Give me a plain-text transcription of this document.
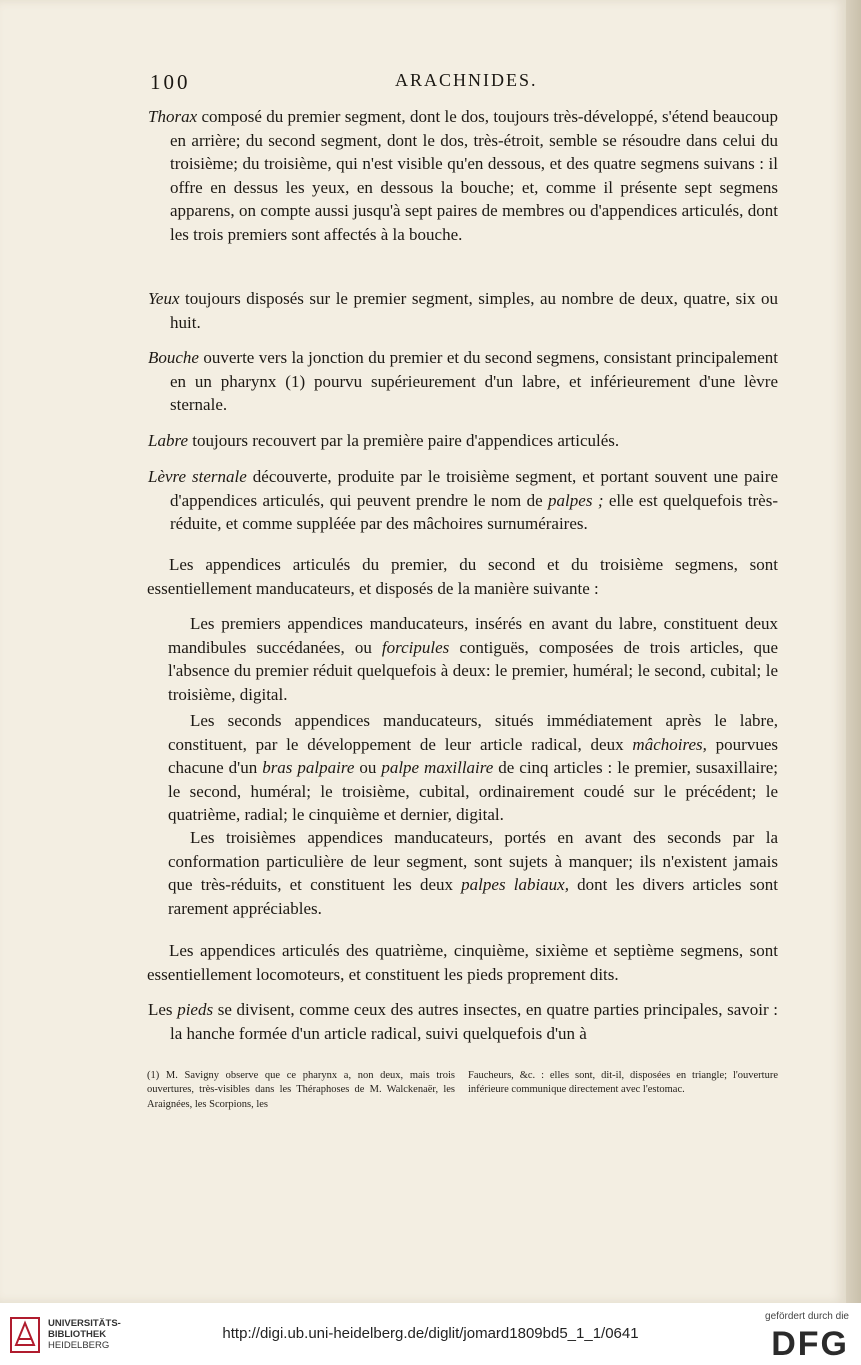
100	ARACHNIDES.
Thorax composé du premier segment, dont le dos, toujours très-développé, s'étend beaucoup en arrière; du second segment, dont le dos, très-étroit, semble se résoudre dans celui du troisième; du troisième, qui n'est visible qu'en dessous, et des quatre segmens suivans : il offre en dessus les yeux, en dessous la bouche; et, comme il présente sept segmens apparens, on compte aussi jusqu'à sept paires de membres ou d'appendices articulés, dont les trois premiers sont affectés à la bouche.
Yeux toujours disposés sur le premier segment, simples, au nombre de deux, quatre, six ou huit.
Bouche ouverte vers la jonction du premier et du second segmens, consistant principalement en un pharynx (1) pourvu supérieurement d'un labre, et inférieurement d'une lèvre sternale.
Labre toujours recouvert par la première paire d'appendices articulés.
Lèvre sternale découverte, produite par le troisième segment, et portant souvent une paire d'appendices articulés, qui peuvent prendre le nom de palpes ; elle est quelquefois très-réduite, et comme suppléée par des mâchoires surnuméraires.
Les appendices articulés du premier, du second et du troisième segmens, sont essentiellement manducateurs, et disposés de la manière suivante :
Les premiers appendices manducateurs, insérés en avant du labre, constituent deux mandibules succédanées, ou forcipules contiguës, composées de trois articles, que l'absence du premier réduit quelquefois à deux: le premier, huméral; le second, cubital; le troisième, digital.
Les seconds appendices manducateurs, situés immédiatement après le labre, constituent, par le développement de leur article radical, deux mâchoires, pourvues chacune d'un bras palpaire ou palpe maxillaire de cinq articles : le premier, susaxillaire; le second, huméral; le troisième, cubital, ordinairement coudé sur le précédent; le quatrième, radial; le cinquième et dernier, digital.
Les troisièmes appendices manducateurs, portés en avant des seconds par la conformation particulière de leur segment, sont sujets à manquer; ils n'existent jamais que très-réduits, et constituent les deux palpes labiaux, dont les divers articles sont rarement appréciables.
Les appendices articulés des quatrième, cinquième, sixième et septième segmens, sont essentiellement locomoteurs, et constituent les pieds proprement dits.
Les pieds se divisent, comme ceux des autres insectes, en quatre parties principales, savoir : la hanche formée d'un article radical, suivi quelquefois d'un à
(1) M. Savigny observe que ce pharynx a, non deux, mais trois ouvertures, très-visibles dans les Théraphoses de M. Walckenaër, les Araignées, les Scorpions, les
Faucheurs, &c. : elles sont, dit-il, disposées en triangle; l'ouverture inférieure communique directement avec l'estomac.
UNIVERSITÄTS-
BIBLIOTHEK
HEIDELBERG
http://digi.ub.uni-heidelberg.de/diglit/jomard1809bd5_1_1/0641
gefördert durch die
DFG
